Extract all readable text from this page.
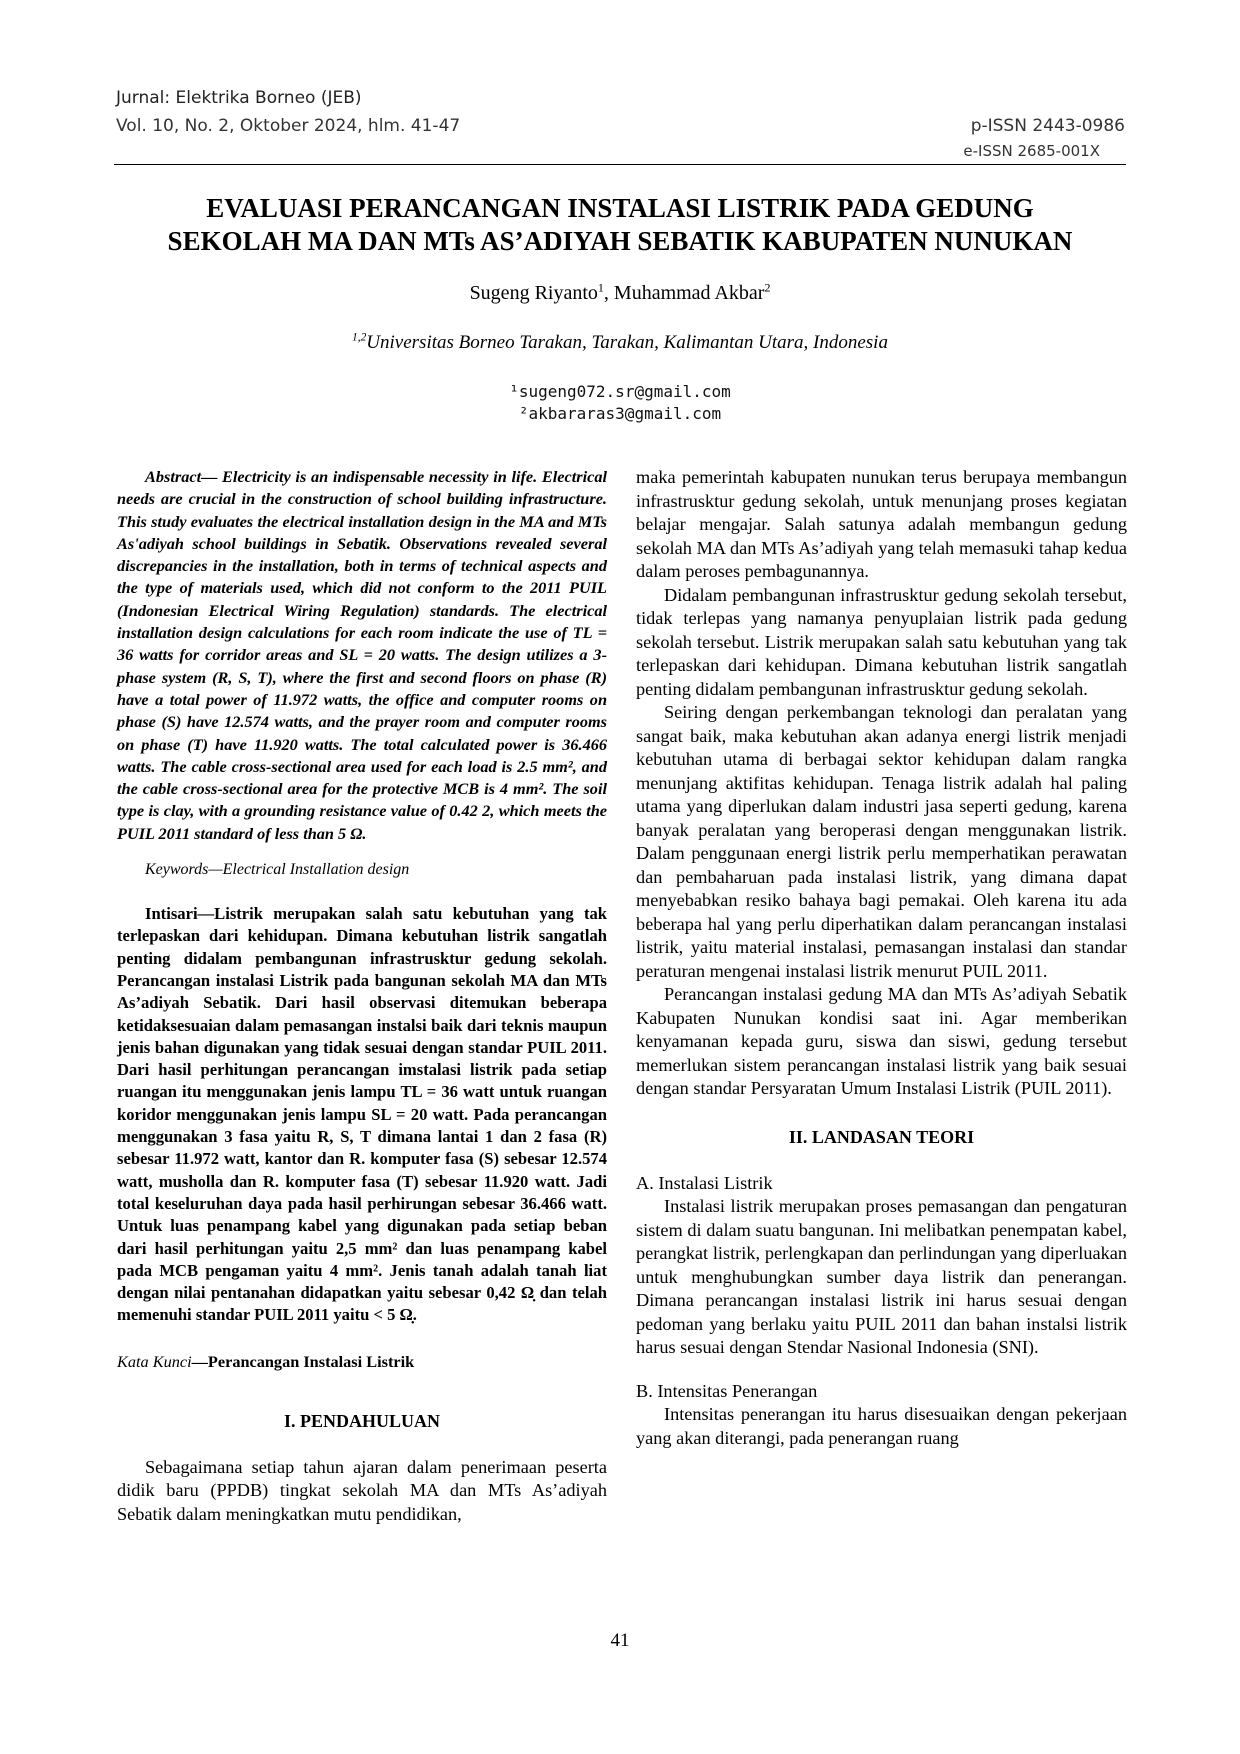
Jurnal: Elektrika Borneo (JEB)
Vol. 10, No. 2, Oktober 2024, hlm. 41-47	p-ISSN 2443-0986
e-ISSN 2685-001X
EVALUASI PERANCANGAN INSTALASI LISTRIK PADA GEDUNG
SEKOLAH MA DAN MTs AS’ADIYAH SEBATIK KABUPATEN NUNUKAN
Sugeng Riyanto$^1$, Muhammad Akbar$^2$
$^{1,2}$Universitas Borneo Tarakan, Tarakan, Kalimantan Utara, Indonesia
¹sugeng072.sr@gmail.com
²akbararas3@gmail.com

Abstract— Electricity is an indispensable necessity in life. Electrical needs are crucial in the construction of school building infrastructure. This study evaluates the electrical installation design in the MA and MTs As'adiyah school buildings in Sebatik. Observations revealed several discrepancies in the installation, both in terms of technical aspects and the type of materials used, which did not conform to the 2011 PUIL (Indonesian Electrical Wiring Regulation) standards. The electrical installation design calculations for each room indicate the use of TL = 36 watts for corridor areas and SL = 20 watts. The design utilizes a 3-phase system (R, S, T), where the first and second floors on phase (R) have a total power of 11.972 watts, the office and computer rooms on phase (S) have 12.574 watts, and the prayer room and computer rooms on phase (T) have 11.920 watts. The total calculated power is 36.466 watts. The cable cross-sectional area used for each load is 2.5 mm², and the cable cross-sectional area for the protective MCB is 4 mm². The soil type is clay, with a grounding resistance value of 0.42 2, which meets the PUIL 2011 standard of less than 5 Ω.

Keywords—Electrical Installation design

Intisari—Listrik merupakan salah satu kebutuhan yang tak terlepaskan dari kehidupan. Dimana kebutuhan listrik sangatlah penting didalam pembangunan infrastrusktur gedung sekolah. Perancangan instalasi Listrik pada bangunan sekolah MA dan MTs As’adiyah Sebatik. Dari hasil observasi ditemukan beberapa ketidaksesuaian dalam pemasangan instalsi baik dari teknis maupun jenis bahan digunakan yang tidak sesuai dengan standar PUIL 2011. Dari hasil perhitungan perancangan imstalasi listrik pada setiap ruangan itu menggunakan jenis lampu TL = 36 watt untuk ruangan koridor menggunakan jenis lampu SL = 20 watt. Pada perancangan menggunakan 3 fasa yaitu R, S, T dimana lantai 1 dan 2 fasa (R) sebesar 11.972 watt, kantor dan R. komputer fasa (S) sebesar 12.574 watt, musholla dan R. komputer fasa (T) sebesar 11.920 watt. Jadi total keseluruhan daya pada hasil perhirungan sebesar 36.466 watt. Untuk luas penampang kabel yang digunakan pada setiap beban dari hasil perhitungan yaitu 2,5 mm² dan luas penampang kabel pada MCB pengaman yaitu 4 mm². Jenis tanah adalah tanah liat dengan nilai pentanahan didapatkan yaitu sebesar 0,42 Ω̣ dan telah memenuhi standar PUIL 2011 yaitu < 5 Ω̣.

Kata Kunci—Perancangan Instalasi Listrik

I. PENDAHULUAN

Sebagaimana setiap tahun ajaran dalam penerimaan peserta didik baru (PPDB) tingkat sekolah MA dan MTs As’adiyah Sebatik dalam meningkatkan mutu pendidikan,

maka pemerintah kabupaten nunukan terus berupaya membangun infrastrusktur gedung sekolah, untuk menunjang proses kegiatan belajar mengajar. Salah satunya adalah membangun gedung sekolah MA dan MTs As’adiyah yang telah memasuki tahap kedua dalam peroses pembagunannya.

Didalam pembangunan infrastrusktur gedung sekolah tersebut, tidak terlepas yang namanya penyuplaian listrik pada gedung sekolah tersebut. Listrik merupakan salah satu kebutuhan yang tak terlepaskan dari kehidupan. Dimana kebutuhan listrik sangatlah penting didalam pembangunan infrastrusktur gedung sekolah.

Seiring dengan perkembangan teknologi dan peralatan yang sangat baik, maka kebutuhan akan adanya energi listrik menjadi kebutuhan utama di berbagai sektor kehidupan dalam rangka menunjang aktifitas kehidupan. Tenaga listrik adalah hal paling utama yang diperlukan dalam industri jasa seperti gedung, karena banyak peralatan yang beroperasi dengan menggunakan listrik. Dalam penggunaan energi listrik perlu memperhatikan perawatan dan pembaharuan pada instalasi listrik, yang dimana dapat menyebabkan resiko bahaya bagi pemakai. Oleh karena itu ada beberapa hal yang perlu diperhatikan dalam perancangan instalasi listrik, yaitu material instalasi, pemasangan instalasi dan standar peraturan mengenai instalasi listrik menurut PUIL 2011.

Perancangan instalasi gedung MA dan MTs As’adiyah Sebatik Kabupaten Nunukan kondisi saat ini. Agar memberikan kenyamanan kepada guru, siswa dan siswi, gedung tersebut memerlukan sistem perancangan instalasi listrik yang baik sesuai dengan standar Persyaratan Umum Instalasi Listrik (PUIL 2011).

II. LANDASAN TEORI
A. Instalasi Listrik

Instalasi listrik merupakan proses pemasangan dan pengaturan sistem di dalam suatu bangunan. Ini melibatkan penempatan kabel, perangkat listrik, perlengkapan dan perlindungan yang diperluakan untuk menghubungkan sumber daya listrik dan penerangan. Dimana perancangan instalasi listrik ini harus sesuai dengan pedoman yang berlaku yaitu PUIL 2011 dan bahan instalsi listrik harus sesuai dengan Stendar Nasional Indonesia (SNI).

B. Intensitas Penerangan

Intensitas penerangan itu harus disesuaikan dengan pekerjaan yang akan diterangi, pada penerangan ruang

41
